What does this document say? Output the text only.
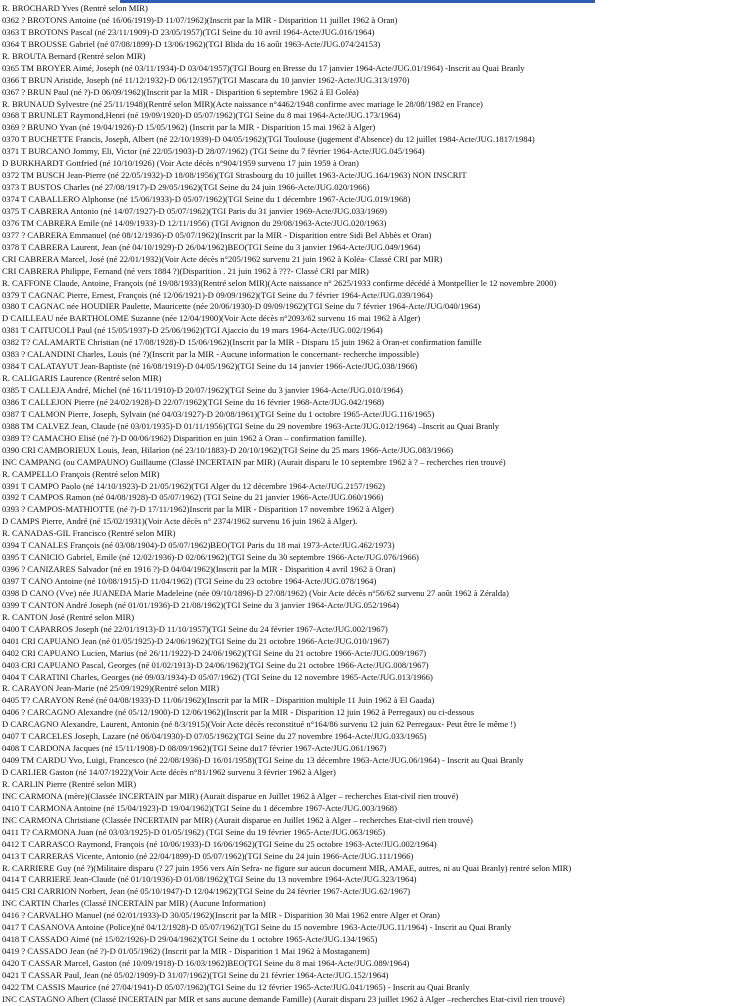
R. BROCHARD Yves (Rentré selon MIR)
0362 ? BROTONS Antoine (né 16/06/1919)-D 11/07/1962)(Inscrit par la MIR - Disparition 11 juillet 1962 à Oran)
0363 T BROTONS Pascal (né 23/11/1909)-D 23/05/1957)(TGI Seine du 10 avril 1964-Acte/JUG.016/1964)
0364 T BROUSSE Gabriel (né 07/08/1899)-D 13/06/1962)(TGI Blida du 16 août 1963-Acte/JUG.074/24153)
R. BROUTA Bernard (Rentré selon MIR)
0365 TM BROYER Aimé, Joseph (né 03/11/1934)-D 03/04/1957)(TGI Bourg en Bresse du 17 janvier 1964-Acte/JUG.01/1964) -Inscrit au Quai Branly
0366 T BRUN Aristide, Joseph (né 11/12/1932)-D 06/12/1957)(TGI Mascara du 10 janvier 1962-Acte/JUG.313/1970)
0367 ? BRUN Paul (né ?)-D 06/09/1962)(Inscrit par la MIR - Disparition 6 septembre 1962 à El Goléa)
R. BRUNAUD Sylvestre (né 25/11/1948)(Rentré selon MIR)(Acte naissance n°4462/1948 confirme avec mariage le 28/08/1982 en France)
0368 T BRUNLET Raymond,Henri (né 19/09/1920)-D 05/07/1962)(TGI Seine du 8 mai 1964-Acte/JUG.173/1964)
0369 ? BRUNO Yvan (né 19/04/1926)-D 15/05/1962) (Inscrit par la MIR - Disparition 15 mai 1962 à Alger)
0370 T BUCHETTE Francis, Joseph, Albert (né 22/10/1939)-D 04/05/1962)(TGI Toulouse (jugement d'Absence) du 12 juillet 1984-Acte/JUG.1817/1984)
0371 T BURCANO Jommy, Eli, Victor (né 22/05/1903)-D 28/07/1962) (TGI Seine du 7 février 1964-Acte/JUG.045/1964)
D BURKHARDT Gottfried (né 10/10/1926) (Voir Acte décès n°904/1959 survenu 17 juin 1959 à Oran)
0372 TM BUSCH Jean-Pierre (né 22/05/1932)-D 18/08/1956)(TGI Strasbourg du 10 juillet 1963-Acte/JUG.164/1963) NON INSCRIT
0373 T BUSTOS Charles (né 27/08/1917)-D 29/05/1962)(TGI Seine du 24 juin 1966-Acte/JUG.020/1966)
0374 T CABALLERO Alphonse (né 15/06/1933)-D 05/07/1962)(TGI Seine du 1 décembre 1967-Acte/JUG.019/1968)
0375 T CABRERA Antonio (né 14/07/1927)-D 05/07/1962)(TGI Paris du 31 janvier 1969-Acte/JUG.033/1969)
0376 TM CABRERA Emile (né 14/09/1933)-D 12/11/1956) (TGI Avignon du 29/08/1963-Acte/JUG.020/1963)
0377 ? CABRERA Emmanuel (né 08/12/1936)-D 05/07/1962)(Inscrit par la MIR - Disparition entre Sidi Bel Abbès et Oran)
0378 T CABRERA Laurent, Jean (né 04/10/1929)-D 26/04/1962)BEO(TGI Seine du 3 janvier 1964-Acte/JUG.049/1964)
CRI CABRERA Marcel, José (né 22/01/1932)(Voir Acte décès n°205/1962 survenu 21 juin 1962 à Koléa- Classé CRI par MIR)
CRI CABRERA Philippe, Fernand (né vers 1884 ?)(Disparition . 21 juin 1962 à ???- Classé CRI par MIR)
R. CAFFONE Claude, Antoine, François (né 19/08/1933)(Rentré selon MIR)(Acte naissance n° 2625/1933 confirme décédé à Montpellier le 12 novembre 2000)
0379 T CAGNAC Pierre, Ernest, François (né 12/06/1921)-D 09/09/1962)(TGI Seine du 7 février 1964-Acte/JUG.039/1964)
0380 T CAGNAC née HOUDIER Paulette, Mauricette (née 20/06/1930)-D 09/09/1962)(TGI Seine du 7 février 1964-Acte/JUG/040/1964)
D CAILLEAU née BARTHOLOME Suzanne (née 12/04/1900)(Voir Acte décès n°2093/62 survenu 16 mai 1962 à Alger)
0381 T CAITUCOLI Paul (né 15/05/1937)-D 25/06/1962)(TGI Ajaccio du 19 mars 1964-Acte/JUG.002/1964)
0382 T? CALAMARTE Christian (né 17/08/1928)-D 15/06/1962)(Inscrit par la MIR - Disparu 15 juin 1962 à Oran-et confirmation famille
0383 ? CALANDINI Charles, Louis (né ?)(Inscrit par la MIR - Aucune information le concernant- recherche impossible)
0384 T CALATAYUT Jean-Baptiste (né 16/08/1919)-D 04/05/1962)(TGI Seine du 14 janvier 1966-Acte/JUG.038/1966)
R. CALIGARIS Laurence (Rentré selon MIR)
0385 T CALLEJA André, Michel (né 16/11/1910)-D 20/07/1962)(TGI Seine du 3 janvier 1964-Acte/JUG.010/1964)
0386 T CALLEJON Pierre (né 24/02/1928)-D 22/07/1962)(TGI Seine du 16 février 1968-Acte/JUG.042/1968)
0387 T CALMON Pierre, Joseph, Sylvain (né 04/03/1927)-D 20/08/1961)(TGI Seine du 1 octobre 1965-Acte/JUG.116/1965)
0388 TM CALVEZ Jean, Claude (né 03/01/1935)-D 01/11/1956)(TGI Seine du 29 novembre 1963-Acte/JUG.012/1964) –Inscrit au Quai Branly
0389 T? CAMACHO Elisé (né ?)-D 00/06/1962) Disparition en juin 1962 à Oran – confirmation famille).
0390 CRI CAMBORIEUX Louis, Jean, Hilarion (né 23/10/1883)-D 20/10/1962)(TGI Seine du 25 mars 1966-Acte/JUG.083/1966)
INC CAMPANG (ou CAMPAUNO) Guillaume (Classé INCERTAIN par MIR) (Aurait disparu le 10 septembre 1962 à ? – recherches rien trouvé)
R. CAMPELLO François (Rentré selon MIR)
0391 T CAMPO Paolo (né 14/10/1923)-D 21/05/1962)(TGI Alger du 12 décembre 1964-Acte/JUG.2157/1962)
0392 T CAMPOS Ramon (né 04/08/1928)-D 05/07/1962) (TGI Seine du 21 janvier 1966-Acte/JUG.060/1966)
0393 ? CAMPOS-MATHIOTTE (né ?)-D 17/11/1962)Inscrit par la MIR - Disparition 17 novembre 1962 à Alger)
D CAMPS Pierre, André (né 15/02/1931)(Voir Acte décès n° 2374/1962 survenu 16 juin 1962 à Alger).
R. CANADAS-GIL Francisco (Rentré selon MIR)
0394 T CANALES François (né 03/08/1904)-D 05/07/1962)BEO(TGI Paris du 18 mai 1973-Acte/JUG.462/1973)
0395 T CANICIO Gabriel, Emile (né 12/02/1936)-D 02/06/1962)(TGI Seine du 30 septembre 1966-Acte/JUG.076/1966)
0396 ? CANIZARES Salvador (né en 1916 ?)-D 04/04/1962)(Inscrit par la MIR - Disparition 4 avril 1962 à Oran)
0397 T CANO Antoine (né 10/08/1915)-D 11/04/1962) (TGI Seine du 23 octobre 1964-Acte/JUG.078/1964)
0398 D CANO (Vve) née JUANEDA Marie Madeleine (née 09/10/1896)-D 27/08/1962) (Voir Acte décès n°56/62 survenu 27 août 1962 à Zéralda)
0399 T CANTON André Joseph (né 01/01/1936)-D 21/08/1962)(TGI Seine du 3 janvier 1964-Acte/JUG.052/1964)
R. CANTON José (Rentré selon MIR)
0400 T CAPARROS Joseph (né 22/01/1913)-D 11/10/1957)(TGI Seine du 24 février 1967-Acte/JUG.002/1967)
0401 CRI CAPUANO Jean (né 01/05/1925)-D 24/06/1962)(TGI Seine du 21 octobre 1966-Acte/JUG.010/1967)
0402 CRI CAPUANO Lucien, Marius (né 26/11/1922)-D 24/06/1962)(TGI Seine du 21 octobre 1966-Acte/JUG.009/1967)
0403 CRI CAPUANO Pascal, Georges (né 01/02/1913)-D 24/06/1962)(TGI Seine du 21 octobre 1966-Acte/JUG.008/1967)
0404 T CARATINI Charles, Georges (né 09/03/1934)-D 05/07/1962) (TGI Seine du 12 novembre 1965-Acte/JUG.013/1966)
R. CARAYON Jean-Marie (né 25/09/1929)(Rentré selon MIR)
0405 T? CARAYON René (né 04/08/1933)-D 11/06/1962)(Inscrit par la MIR - Disparition multiple 11 Juin 1962 à El Gaada)
0406 ? CARCAGNO Alexandre (né 05/12/1900)-D 12/06/1962)(Inscrit par la MIR - Disparition 12 juin 1962 à Perregaux) ou ci-dessous
D CARCAGNO Alexandre, Laurent, Antonin (né 8/3/1915)(Voir Acte décès reconstitué n°164/86 survenu 12 juin 62 Perregaux- Peut être le même !)
0407 T CARCELES Joseph, Lazare (né 06/04/1930)-D 07/05/1962)(TGI Seine du 27 novembre 1964-Acte/JUG.033/1965)
0408 T CARDONA Jacques (né 15/11/1908)-D 08/09/1962)(TGI Seine du17 février 1967-Acte/JUG.061/1967)
0409 TM CARDU Yvo, Luigi, Francesco (né 22/08/1936)-D 16/01/1958)(TGI Seine du 13 décembre 1963-Acte/JUG.06/1964) - Inscrit au Quai Branly
D CARLIER Gaston (né 14/07/1922)(Voir Acte décès n°81/1962 survenu 3 février 1962 à Alger)
R. CARLIN Pierre (Rentré selon MIR)
INC CARMONA (mère)(Classée INCERTAIN par MIR) (Aurait disparue en Juillet 1962 à Alger – recherches Etat-civil rien trouvé)
0410 T CARMONA Antoine (né 15/04/1923)-D 19/04/1962)(TGI Seine du 1 décembre 1967-Acte/JUG.003/1968)
INC CARMONA Christiane (Classée INCERTAIN par MIR) (Aurait disparue en Juillet 1962 à Alger – recherches Etat-civil rien trouvé)
0411 T? CARMONA Juan (né 03/03/1925)-D 01/05/1962) (TGI Seine du 19 février 1965-Acte/JUG.063/1965)
0412 T CARRASCO Raymond, François (né 10/06/1933)-D 16/06/1962)(TGI Seine du 25 octobre 1963-Acte/JUG.002/1964)
0413 T CARRERAS Vicente, Antonio (né 22/04/1899)-D 05/07/1962)(TGI Seine du 24 juin 1966-Acte/JUG.111/1966)
R. CARRIERE Guy (né ?)(Militaire disparu (? 27 juin 1956 vers Aïn Sefra- ne figure sur aucun document MIR, AMAE, autres, ni au Quai Branly) rentré selon MIR)
0414 T CARRIERE Jean-Claude (né 01/10/1936)-D 01/08/1962)(TGI Seine du 13 novembre 1964-Acte/JUG.323/1964)
0415 CRI CARRION Norbert, Jean (né 05/10/1947)-D 12/04/1962)(TGI Seine du 24 février 1967-Acte/JUG.62/1967)
INC CARTIN Charles (Classé INCERTAIN par MIR) (Aucune Information)
0416 ? CARVALHO Manuel (né 02/01/1933)-D 30/05/1962)(Inscrit par la MIR - Disparition 30 Mai 1962 entre Alger et Oran)
0417 T CASANOVA Antoine (Police)(né 04/12/1928)-D 05/07/1962)(TGI Seine du 15 novembre 1963-Acte/JUG.11/1964) - Inscrit au Quai Branly
0418 T CASSADO Aimé (né 15/02/1926)-D 29/04/1962)(TGI Seine du 1 octobre 1965-Acte/JUG.134/1965)
0419 ? CASSADO Jean (né ?)-D 01/05/1962) (Inscrit par la MIR - Disparition 1 Mai 1962 à Mostaganem)
0420 T CASSAR Marcel, Gaston (né 10/09/1918)-D 16/03/1962)BEO(TGI Seine du 8 mai 1964-Acte/JUG.089/1964)
0421 T CASSAR Paul, Jean (né 05/02/1909)-D 31/07/1962)(TGI Seine du 21 février 1964-Acte/JUG.152/1964)
0422 TM CASSIS Maurice (né 27/04/1941)-D 05/07/1962)(TGI Seine du 12 février 1965-Acte/JUG.041/1965) - Inscrit au Quai Branly
INC CASTAGNO Albert (Classé INCERTAIN par MIR et sans aucune demande Famille) (Aurait disparu 23 juillet 1962 à Alger –recherches Etat-civil rien trouvé)
